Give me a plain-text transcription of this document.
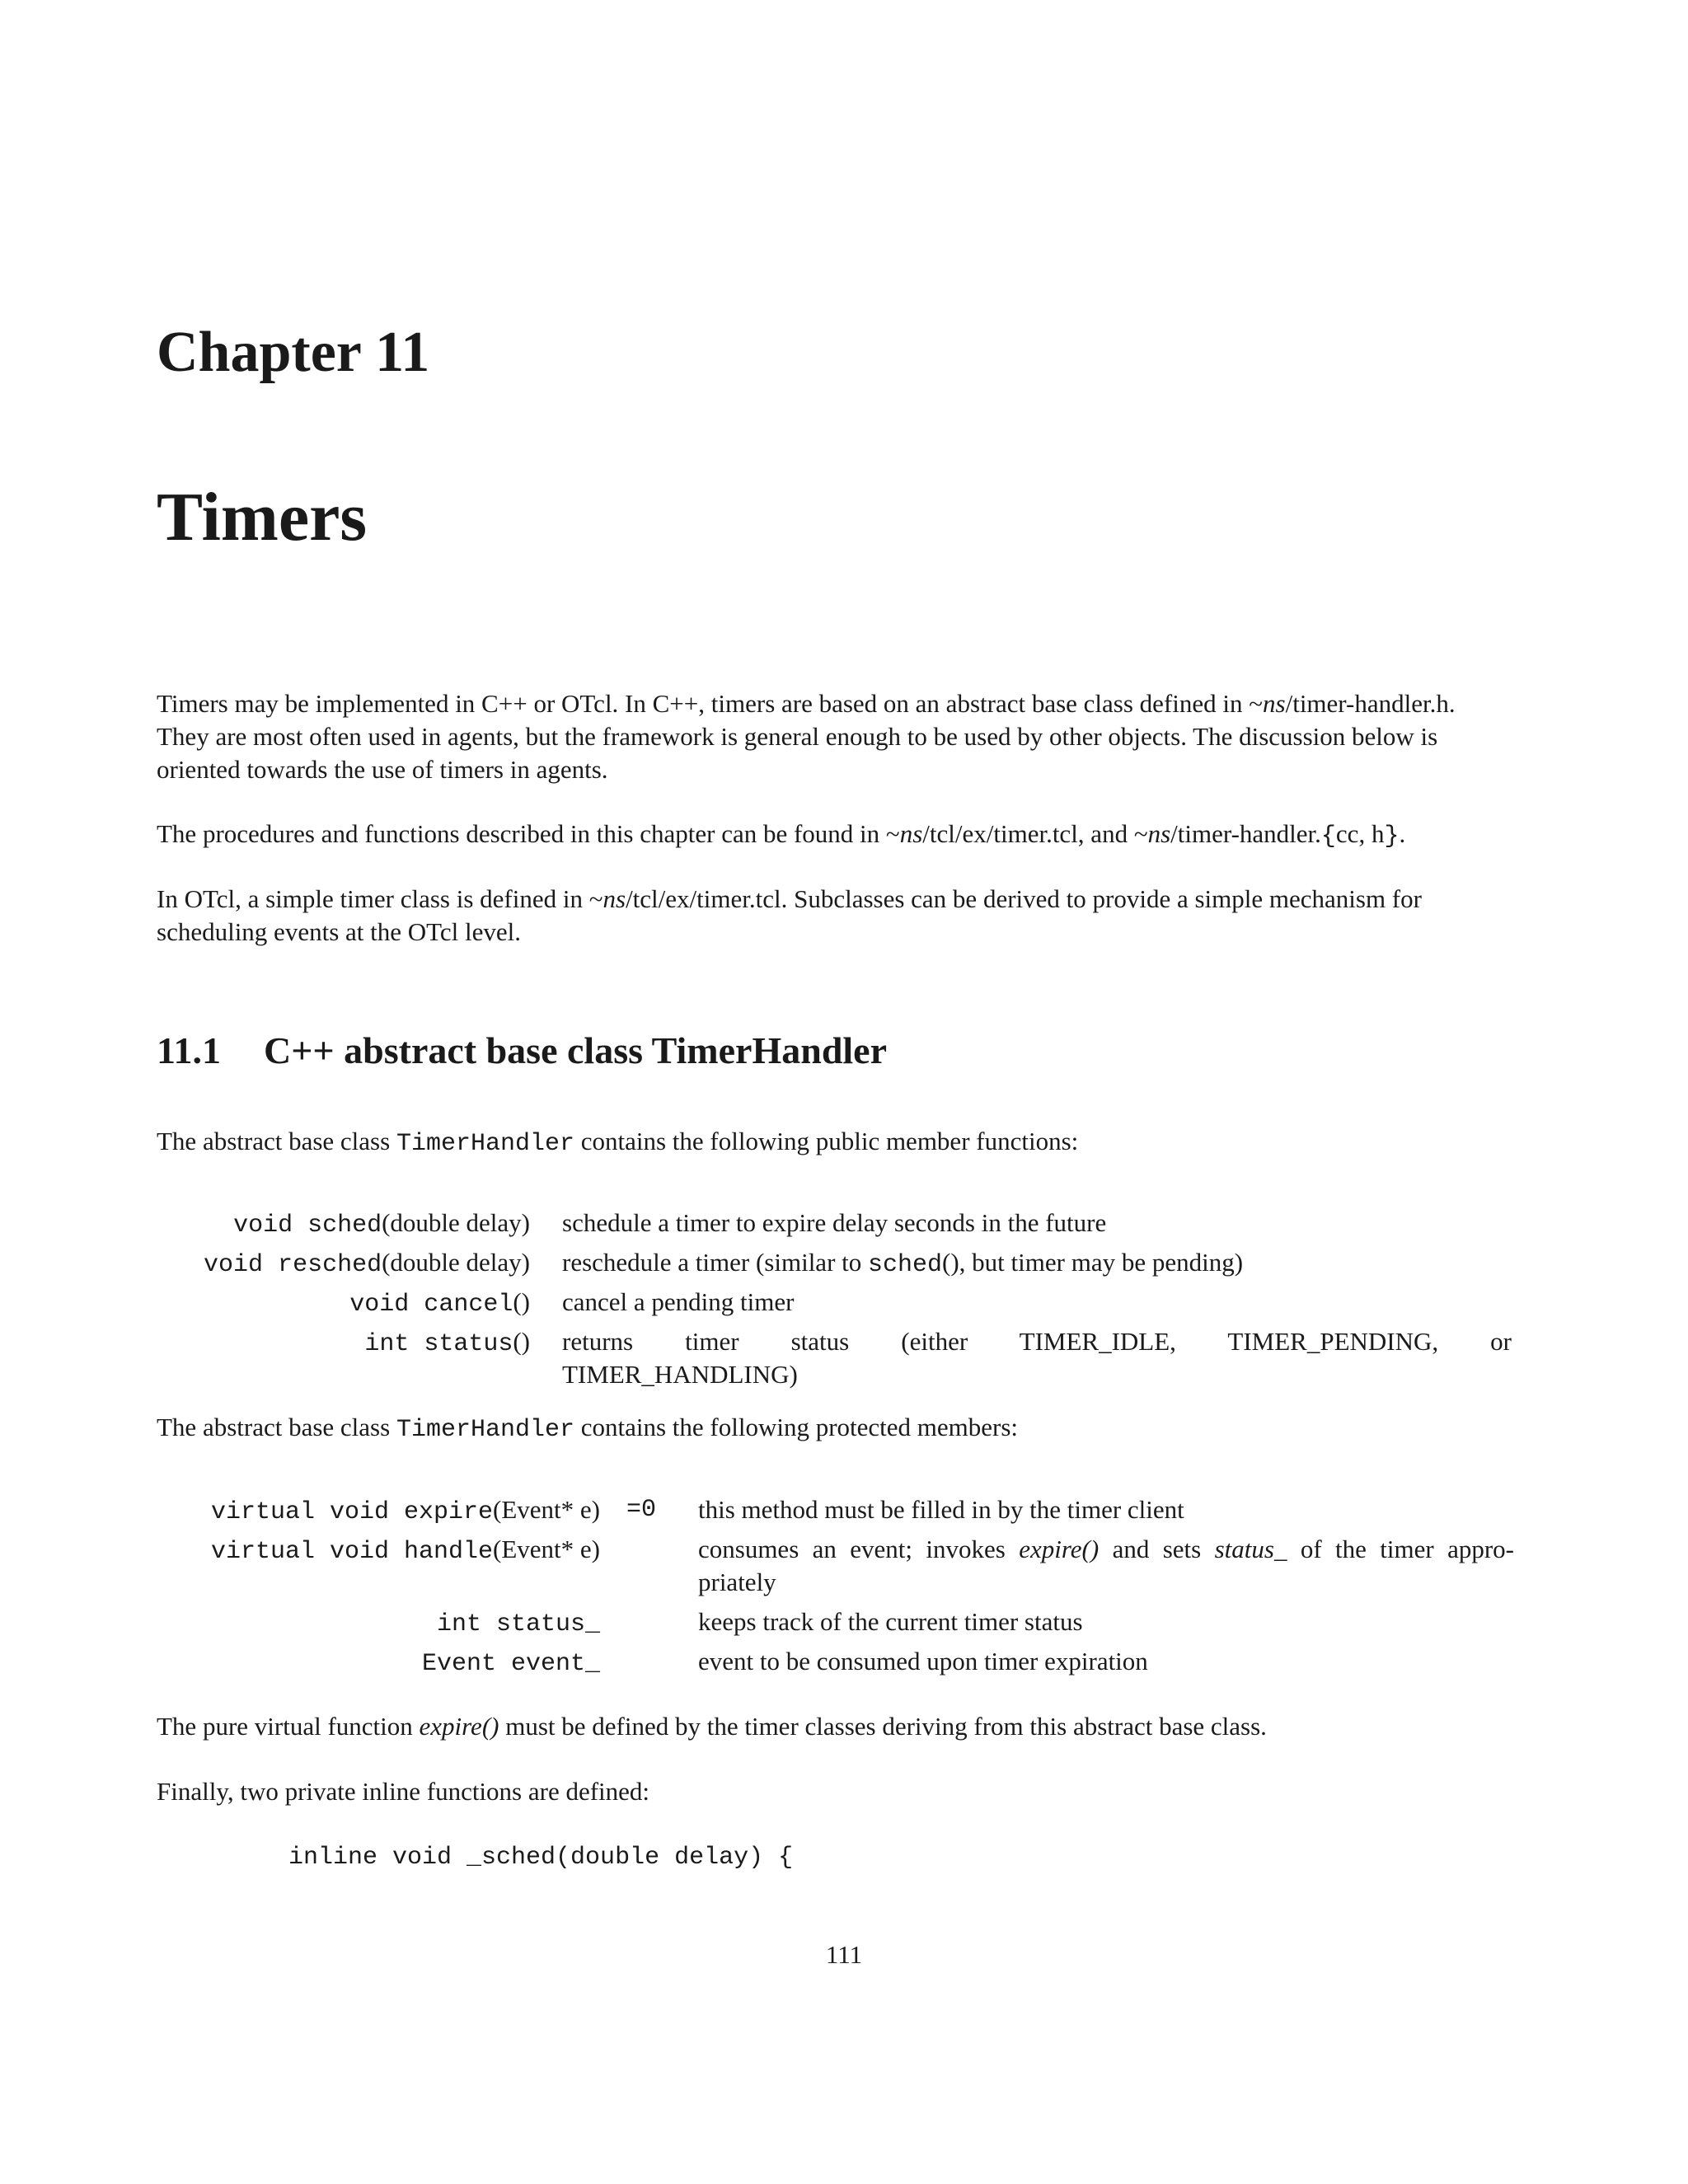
Chapter 11
Timers

Timers may be implemented in C++ or OTcl. In C++, timers are based on an abstract base class defined in ~ns/timer-handler.h.

They are most often used in agents, but the framework is general enough to be used by other objects. The discussion below is

oriented towards the use of timers in agents.

The procedures and functions described in this chapter can be found in ~ns/tcl/ex/timer.tcl, and ~ns/timer-handler.{cc, h}.

In OTcl, a simple timer class is defined in ~ns/tcl/ex/timer.tcl. Subclasses can be derived to provide a simple mechanism for

scheduling events at the OTcl level.

11.1 C++ abstract base class TimerHandler

The abstract base class TimerHandler contains the following public member functions:

void sched(double delay) schedule a timer to expire delay seconds in the future
void resched(double delay) reschedule a timer (similar to sched(), but timer may be pending)
void cancel() cancel a pending timer
int status() returns timer status (either TIMER_IDLE, TIMER_PENDING, or
TIMER_HANDLING)

The abstract base class TimerHandler contains the following protected members:

virtual void expire(Event* e) =0 this method must be filled in by the timer client
virtual void handle(Event* e)	consumes an event; invokes expire() and sets status_ of the timer appro-
priately
int status_	keeps track of the current timer status
Event event_	event to be consumed upon timer expiration

The pure virtual function expire() must be defined by the timer classes deriving from this abstract base class.

Finally, two private inline functions are defined:

inline void _sched(double delay) {
111
